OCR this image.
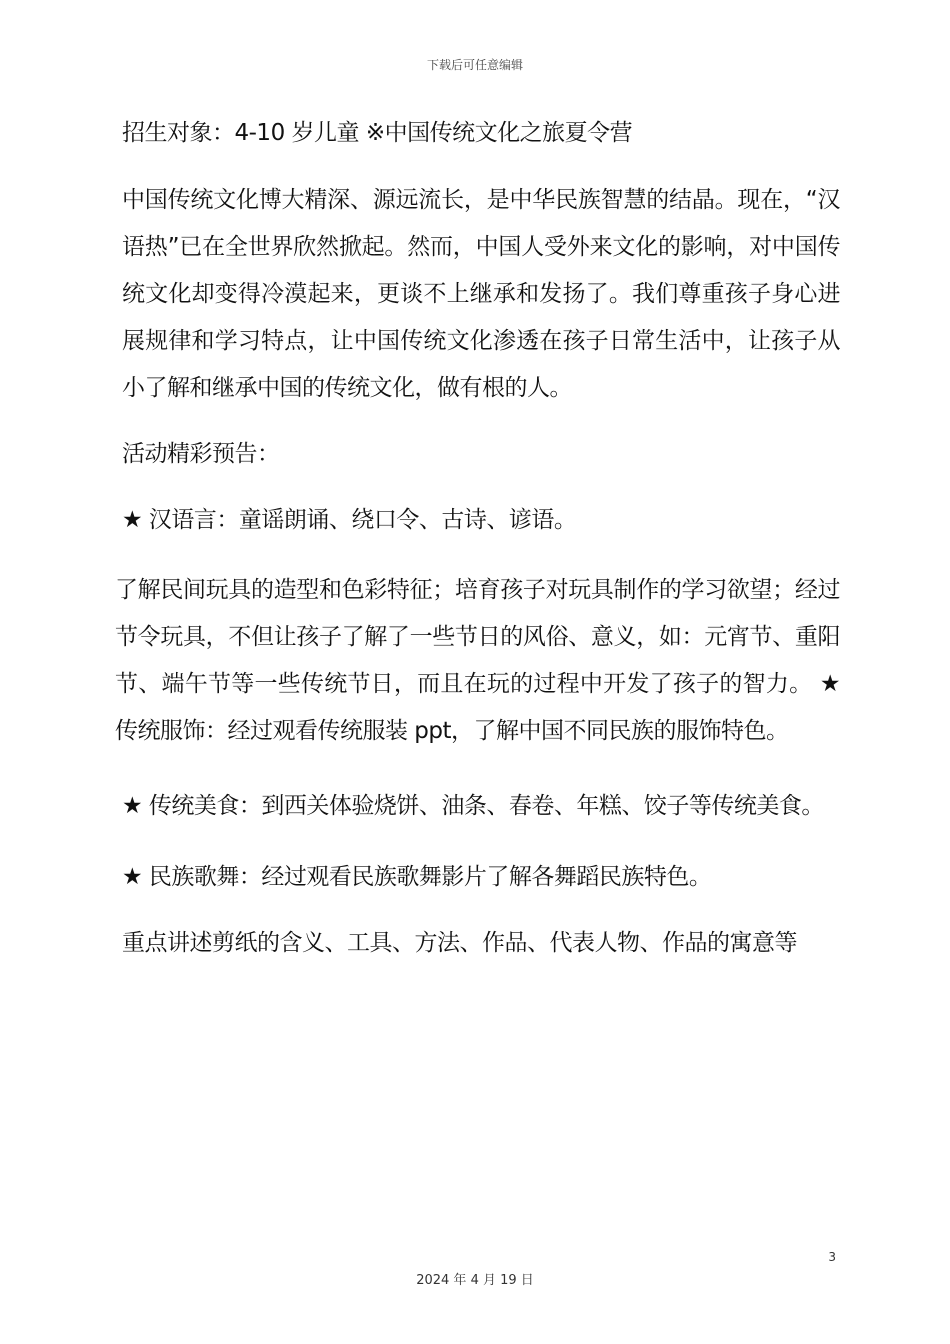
下载后可任意编辑

招生对象：4-10 岁儿童 ※中国传统文化之旅夏令营

中国传统文化博大精深、源远流长，是中华民族智慧的结晶。现在，“汉语热”已在全世界欣然掀起。然而，中国人受外来文化的影响，对中国传统文化却变得冷漠起来，更谈不上继承和发扬了。我们尊重孩子身心进展规律和学习特点，让中国传统文化渗透在孩子日常生活中，让孩子从小了解和继承中国的传统文化，做有根的人。

活动精彩预告：

★ 汉语言：童谣朗诵、绕口令、古诗、谚语。

了解民间玩具的造型和色彩特征；培育孩子对玩具制作的学习欲望；经过节令玩具，不但让孩子了解了一些节日的风俗、意义，如：元宵节、重阳节、端午节等一些传统节日，而且在玩的过程中开发了孩子的智力。 ★ 传统服饰：经过观看传统服装 ppt，了解中国不同民族的服饰特色。

★ 传统美食：到西关体验烧饼、油条、春卷、年糕、饺子等传统美食。

★ 民族歌舞：经过观看民族歌舞影片了解各舞蹈民族特色。

重点讲述剪纸的含义、工具、方法、作品、代表人物、作品的寓意等

3
2024 年 4 月 19 日
